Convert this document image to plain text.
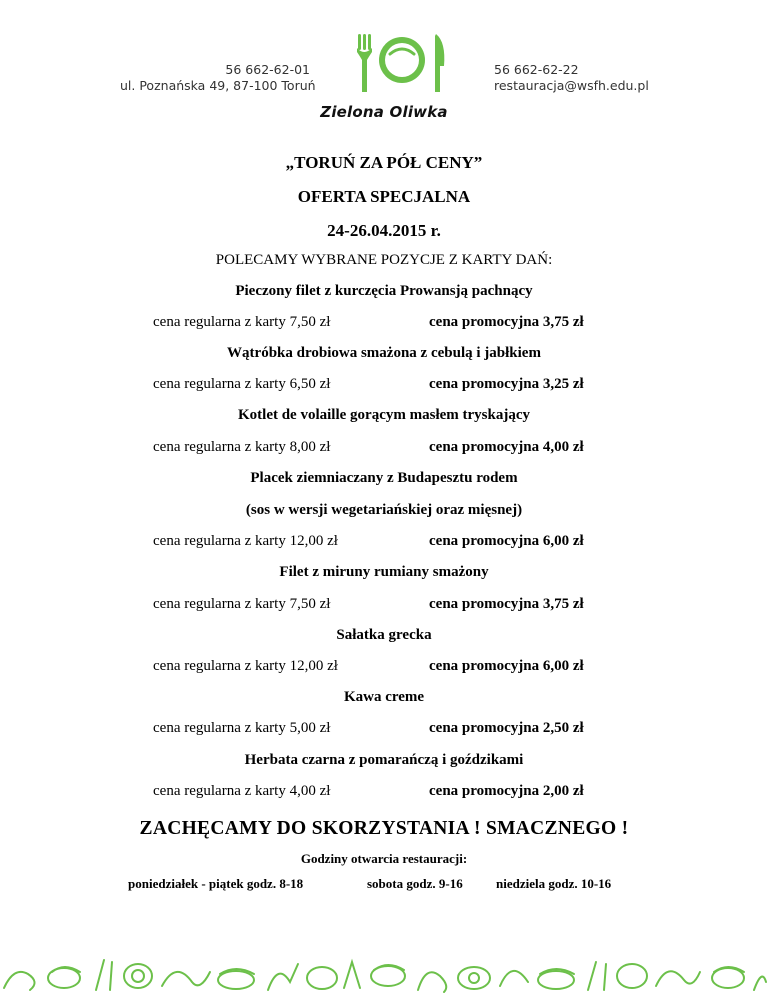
56 662-62-01
ul. Poznańska 49, 87-100 Toruń
56 662-62-22
restauracja@wsfh.edu.pl
Zielona Oliwka
„TORUŃ ZA PÓŁ CENY”
OFERTA SPECJALNA
24-26.04.2015 r.
POLECAMY WYBRANE POZYCJE Z KARTY DAŃ:
Pieczony filet z kurczęcia Prowansją pachnący
cena regularna z karty 7,50 zł	cena promocyjna 3,75 zł
Wątróbka drobiowa smażona z cebulą i jabłkiem
cena regularna z karty 6,50 zł	cena promocyjna 3,25 zł
Kotlet de volaille gorącym masłem tryskający
cena regularna z karty 8,00 zł	cena promocyjna 4,00 zł
Placek ziemniaczany z Budapesztu rodem
(sos w wersji wegetariańskiej oraz mięsnej)
cena regularna z karty 12,00 zł	cena promocyjna 6,00 zł
Filet z miruny rumiany smażony
cena regularna z karty 7,50 zł	cena promocyjna 3,75 zł
Sałatka grecka
cena regularna z karty 12,00 zł	cena promocyjna 6,00 zł
Kawa creme
cena regularna z karty 5,00 zł	cena promocyjna 2,50 zł
Herbata czarna z pomarańczą i goździkami
cena regularna z karty 4,00 zł	cena promocyjna 2,00 zł
ZACHĘCAMY DO SKORZYSTANIA ! SMACZNEGO !
Godziny otwarcia restauracji:
poniedziałek - piątek godz. 8-18	sobota godz. 9-16	niedziela godz. 10-16
